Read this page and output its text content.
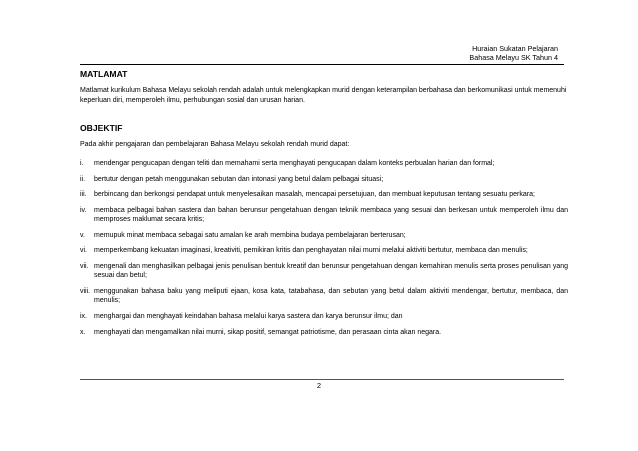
Huraian Sukatan Pelajaran
Bahasa Melayu SK Tahun 4
MATLAMAT

Matlamat kurikulum Bahasa Melayu sekolah rendah adalah untuk melengkapkan murid dengan keterampilan berbahasa dan berkomunikasi untuk memenuhi keperluan diri, memperoleh ilmu, perhubungan sosial dan urusan harian.

OBJEKTIF

Pada akhir pengajaran dan pembelajaran Bahasa Melayu sekolah rendah murid dapat:

i.	mendengar pengucapan dengan teliti dan memahami serta menghayati pengucapan dalam konteks perbualan harian dan formal;
ii.	bertutur dengan petah menggunakan sebutan dan intonasi yang betul dalam pelbagai situasi;
iii.	berbincang dan berkongsi pendapat untuk menyelesaikan masalah, mencapai persetujuan, dan membuat keputusan tentang sesuatu perkara;
iv.	membaca pelbagai bahan sastera dan bahan berunsur pengetahuan dengan teknik membaca yang sesuai dan berkesan untuk memperoleh ilmu dan memproses maklumat secara kritis;
v.	memupuk minat membaca sebagai satu amalan ke arah membina budaya pembelajaran berterusan;
vi.	memperkembang kekuatan imaginasi, kreativiti, pemikiran kritis dan penghayatan nilai murni melalui aktiviti bertutur, membaca dan menulis;
vii. mengenali dan menghasilkan pelbagai jenis penulisan bentuk kreatif dan berunsur pengetahuan dengan kemahiran menulis serta proses penulisan yang sesuai dan betul;
viii. menggunakan bahasa baku yang meliputi ejaan, kosa kata, tatabahasa, dan sebutan yang betul dalam aktiviti mendengar, bertutur, membaca, dan menulis;
ix.	menghargai dan menghayati keindahan bahasa melalui karya sastera dan karya berunsur ilmu; dan
x.	menghayati dan mengamalkan nilai murni, sikap positif, semangat patriotisme, dan perasaan cinta akan negara.
2
